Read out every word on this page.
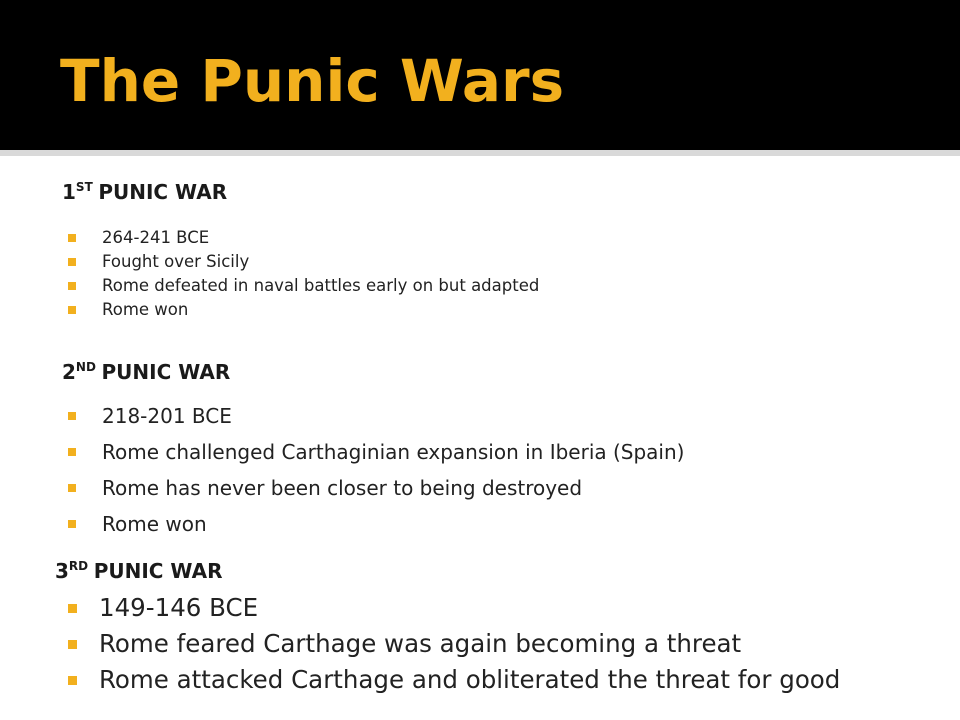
The Punic Wars
1ST PUNIC WAR
264-241 BCE
Fought over Sicily
Rome defeated in naval battles early on but adapted
Rome won
2ND PUNIC WAR
218-201 BCE
Rome challenged Carthaginian expansion in Iberia (Spain)
Rome has never been closer to being destroyed
Rome won
3RD PUNIC WAR
149-146 BCE
Rome feared Carthage was again becoming a threat
Rome attacked Carthage and obliterated the threat for good
